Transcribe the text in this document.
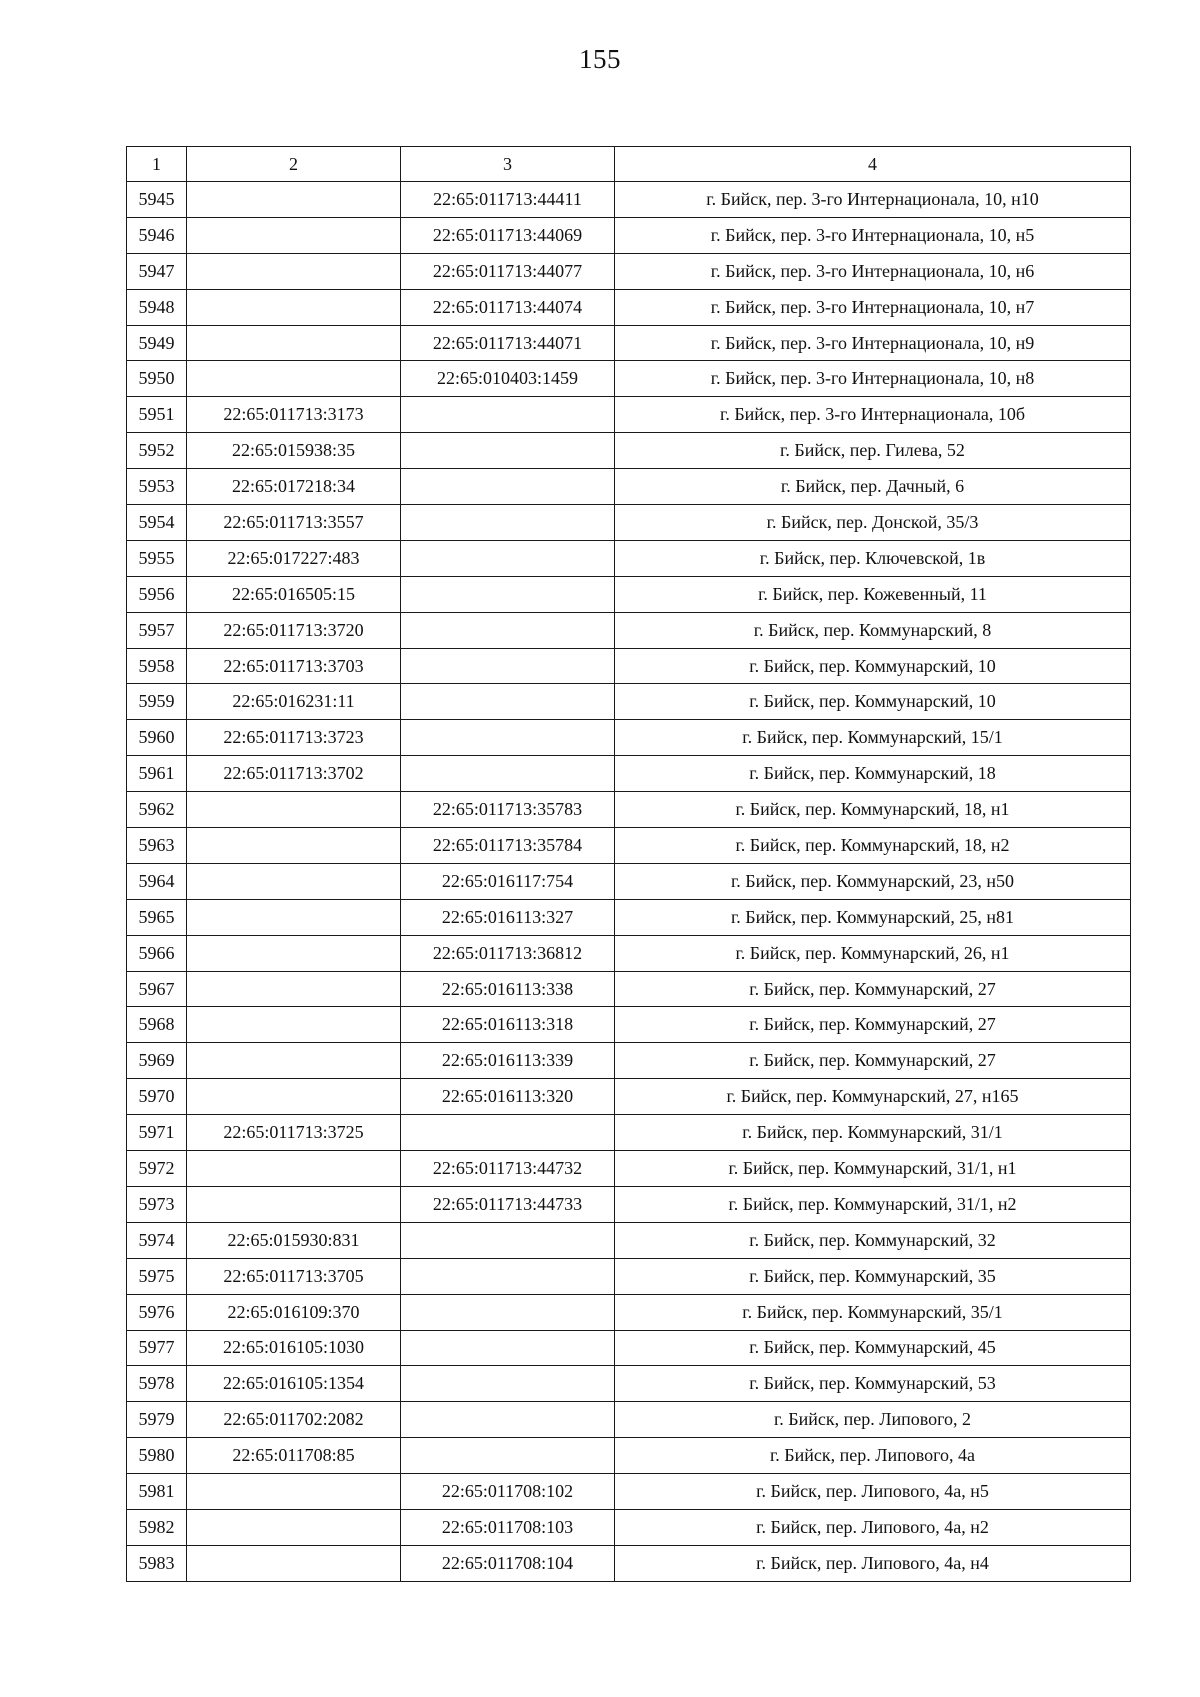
155
1	2	3	4
5945		22:65:011713:44411	г. Бийск, пер. 3-го Интернационала, 10, н10
5946		22:65:011713:44069	г. Бийск, пер. 3-го Интернационала, 10, н5
5947		22:65:011713:44077	г. Бийск, пер. 3-го Интернационала, 10, н6
5948		22:65:011713:44074	г. Бийск, пер. 3-го Интернационала, 10, н7
5949		22:65:011713:44071	г. Бийск, пер. 3-го Интернационала, 10, н9
5950		22:65:010403:1459	г. Бийск, пер. 3-го Интернационала, 10, н8
5951	22:65:011713:3173		г. Бийск, пер. 3-го Интернационала, 10б
5952	22:65:015938:35		г. Бийск, пер. Гилева, 52
5953	22:65:017218:34		г. Бийск, пер. Дачный, 6
5954	22:65:011713:3557		г. Бийск, пер. Донской, 35/3
5955	22:65:017227:483		г. Бийск, пер. Ключевской, 1в
5956	22:65:016505:15		г. Бийск, пер. Кожевенный, 11
5957	22:65:011713:3720		г. Бийск, пер. Коммунарский, 8
5958	22:65:011713:3703		г. Бийск, пер. Коммунарский, 10
5959	22:65:016231:11		г. Бийск, пер. Коммунарский, 10
5960	22:65:011713:3723		г. Бийск, пер. Коммунарский, 15/1
5961	22:65:011713:3702		г. Бийск, пер. Коммунарский, 18
5962		22:65:011713:35783	г. Бийск, пер. Коммунарский, 18, н1
5963		22:65:011713:35784	г. Бийск, пер. Коммунарский, 18, н2
5964		22:65:016117:754	г. Бийск, пер. Коммунарский, 23, н50
5965		22:65:016113:327	г. Бийск, пер. Коммунарский, 25, н81
5966		22:65:011713:36812	г. Бийск, пер. Коммунарский, 26, н1
5967		22:65:016113:338	г. Бийск, пер. Коммунарский, 27
5968		22:65:016113:318	г. Бийск, пер. Коммунарский, 27
5969		22:65:016113:339	г. Бийск, пер. Коммунарский, 27
5970		22:65:016113:320	г. Бийск, пер. Коммунарский, 27, н165
5971	22:65:011713:3725		г. Бийск, пер. Коммунарский, 31/1
5972		22:65:011713:44732	г. Бийск, пер. Коммунарский, 31/1, н1
5973		22:65:011713:44733	г. Бийск, пер. Коммунарский, 31/1, н2
5974	22:65:015930:831		г. Бийск, пер. Коммунарский, 32
5975	22:65:011713:3705		г. Бийск, пер. Коммунарский, 35
5976	22:65:016109:370		г. Бийск, пер. Коммунарский, 35/1
5977	22:65:016105:1030		г. Бийск, пер. Коммунарский, 45
5978	22:65:016105:1354		г. Бийск, пер. Коммунарский, 53
5979	22:65:011702:2082		г. Бийск, пер. Липового, 2
5980	22:65:011708:85		г. Бийск, пер. Липового, 4а
5981		22:65:011708:102	г. Бийск, пер. Липового, 4а, н5
5982		22:65:011708:103	г. Бийск, пер. Липового, 4а, н2
5983		22:65:011708:104	г. Бийск, пер. Липового, 4а, н4
